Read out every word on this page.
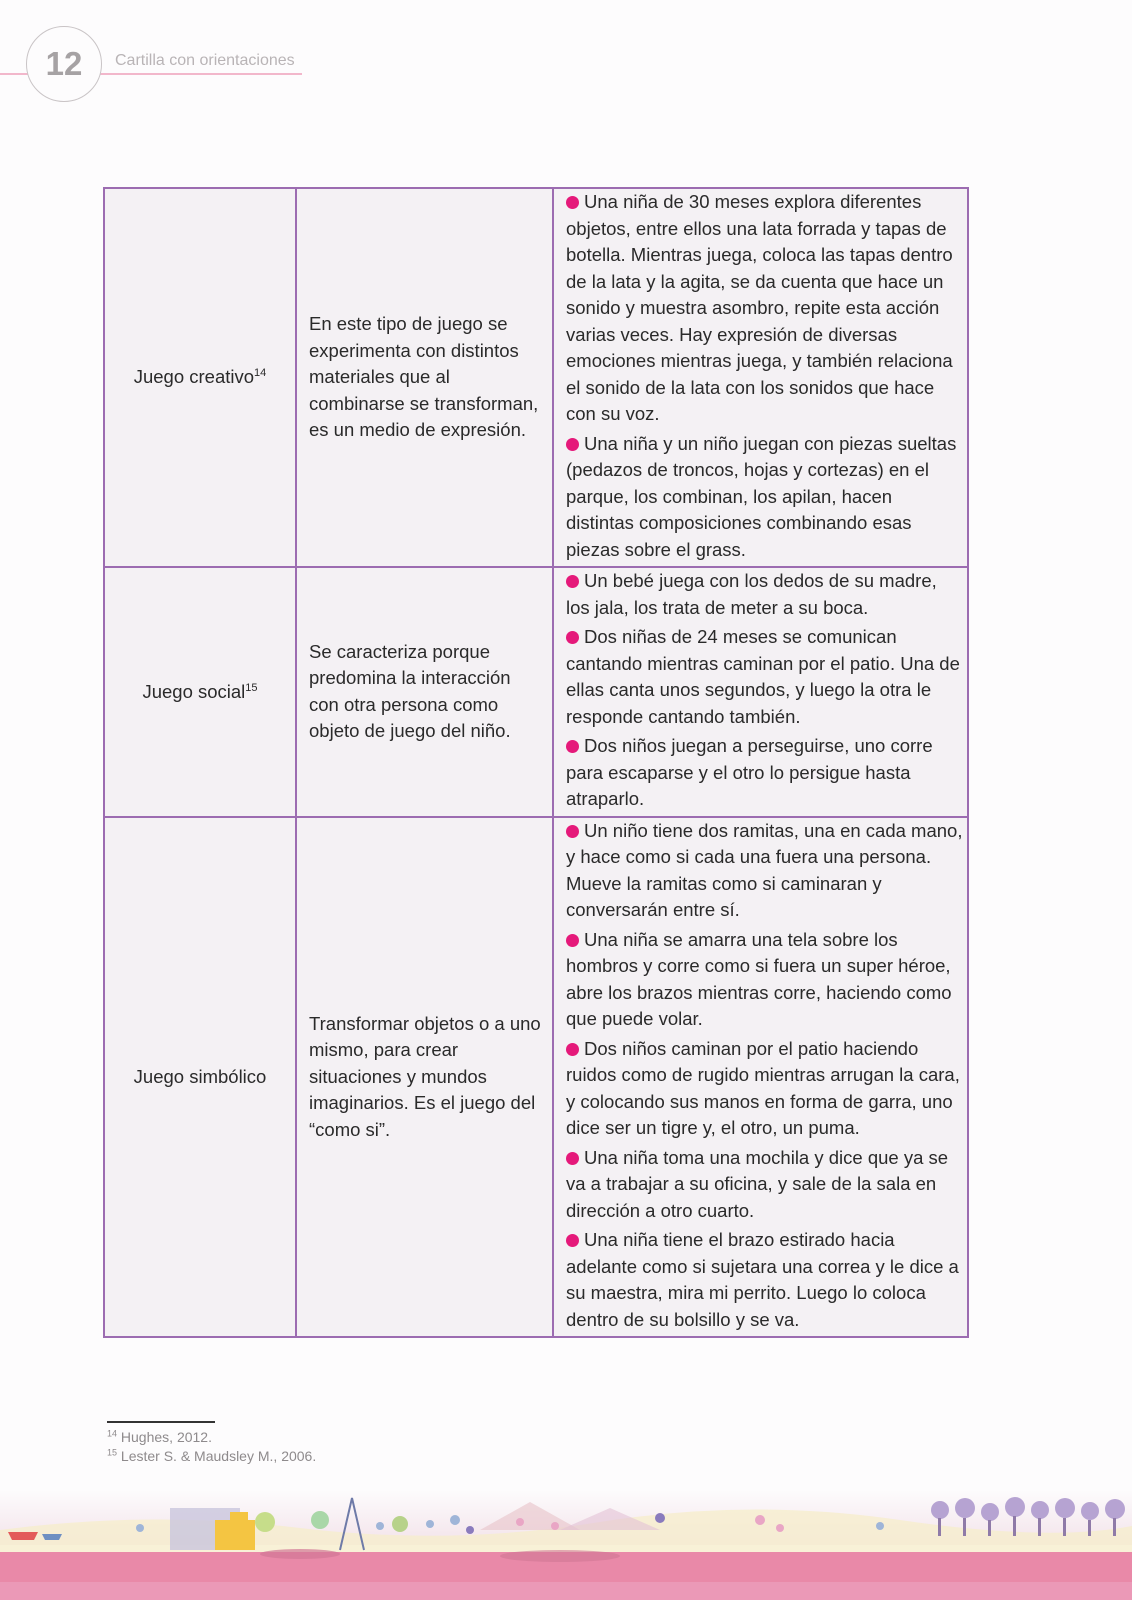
12	Cartilla con orientaciones
Juego creativo$^{14}$	En este tipo de juego se experimenta con distintos materiales que al combinarse se transforman, es un medio de expresión.	Una niña de 30 meses explora diferentes objetos, entre ellos una lata forrada y tapas de botella. Mientras juega, coloca las tapas dentro de la lata y la agita, se da cuenta que hace un sonido y muestra asombro, repite esta acción varias veces. Hay expresión de diversas emociones mientras juega, y también relaciona el sonido de la lata con los sonidos que hace con su voz.
Una niña y un niño juegan con piezas sueltas (pedazos de troncos, hojas y cortezas) en el parque, los combinan, los apilan, hacen distintas composiciones combinando esas piezas sobre el grass.

Juego social$^{15}$	Se caracteriza porque predomina la interacción con otra persona como objeto de juego del niño.	Un bebé juega con los dedos de su madre, los jala, los trata de meter a su boca.
Dos niñas de 24 meses se comunican cantando mientras caminan por el patio. Una de ellas canta unos segundos, y luego la otra le responde cantando también.
Dos niños juegan a perseguirse, uno corre para escaparse y el otro lo persigue hasta atraparlo.

Juego simbólico	Transformar objetos o a uno mismo, para crear situaciones y mundos imaginarios. Es el juego del “como si”.	Un niño tiene dos ramitas, una en cada mano, y hace como si cada una fuera una persona. Mueve la ramitas como si caminaran y conversarán entre sí.
Una niña se amarra una tela sobre los hombros y corre como si fuera un super héroe, abre los brazos mientras corre, haciendo como que puede volar.
Dos niños caminan por el patio haciendo ruidos como de rugido mientras arrugan la cara, y colocando sus manos en forma de garra, uno dice ser un tigre y, el otro, un puma.
Una niña toma una mochila y dice que ya se va a trabajar a su oficina, y sale de la sala en dirección a otro cuarto.
Una niña tiene el brazo estirado hacia adelante como si sujetara una correa y le dice a su maestra, mira mi perrito. Luego lo coloca dentro de su bolsillo y se va.
$^{14}$ Hughes, 2012.
$^{15}$ Lester S. & Maudsley M., 2006.
